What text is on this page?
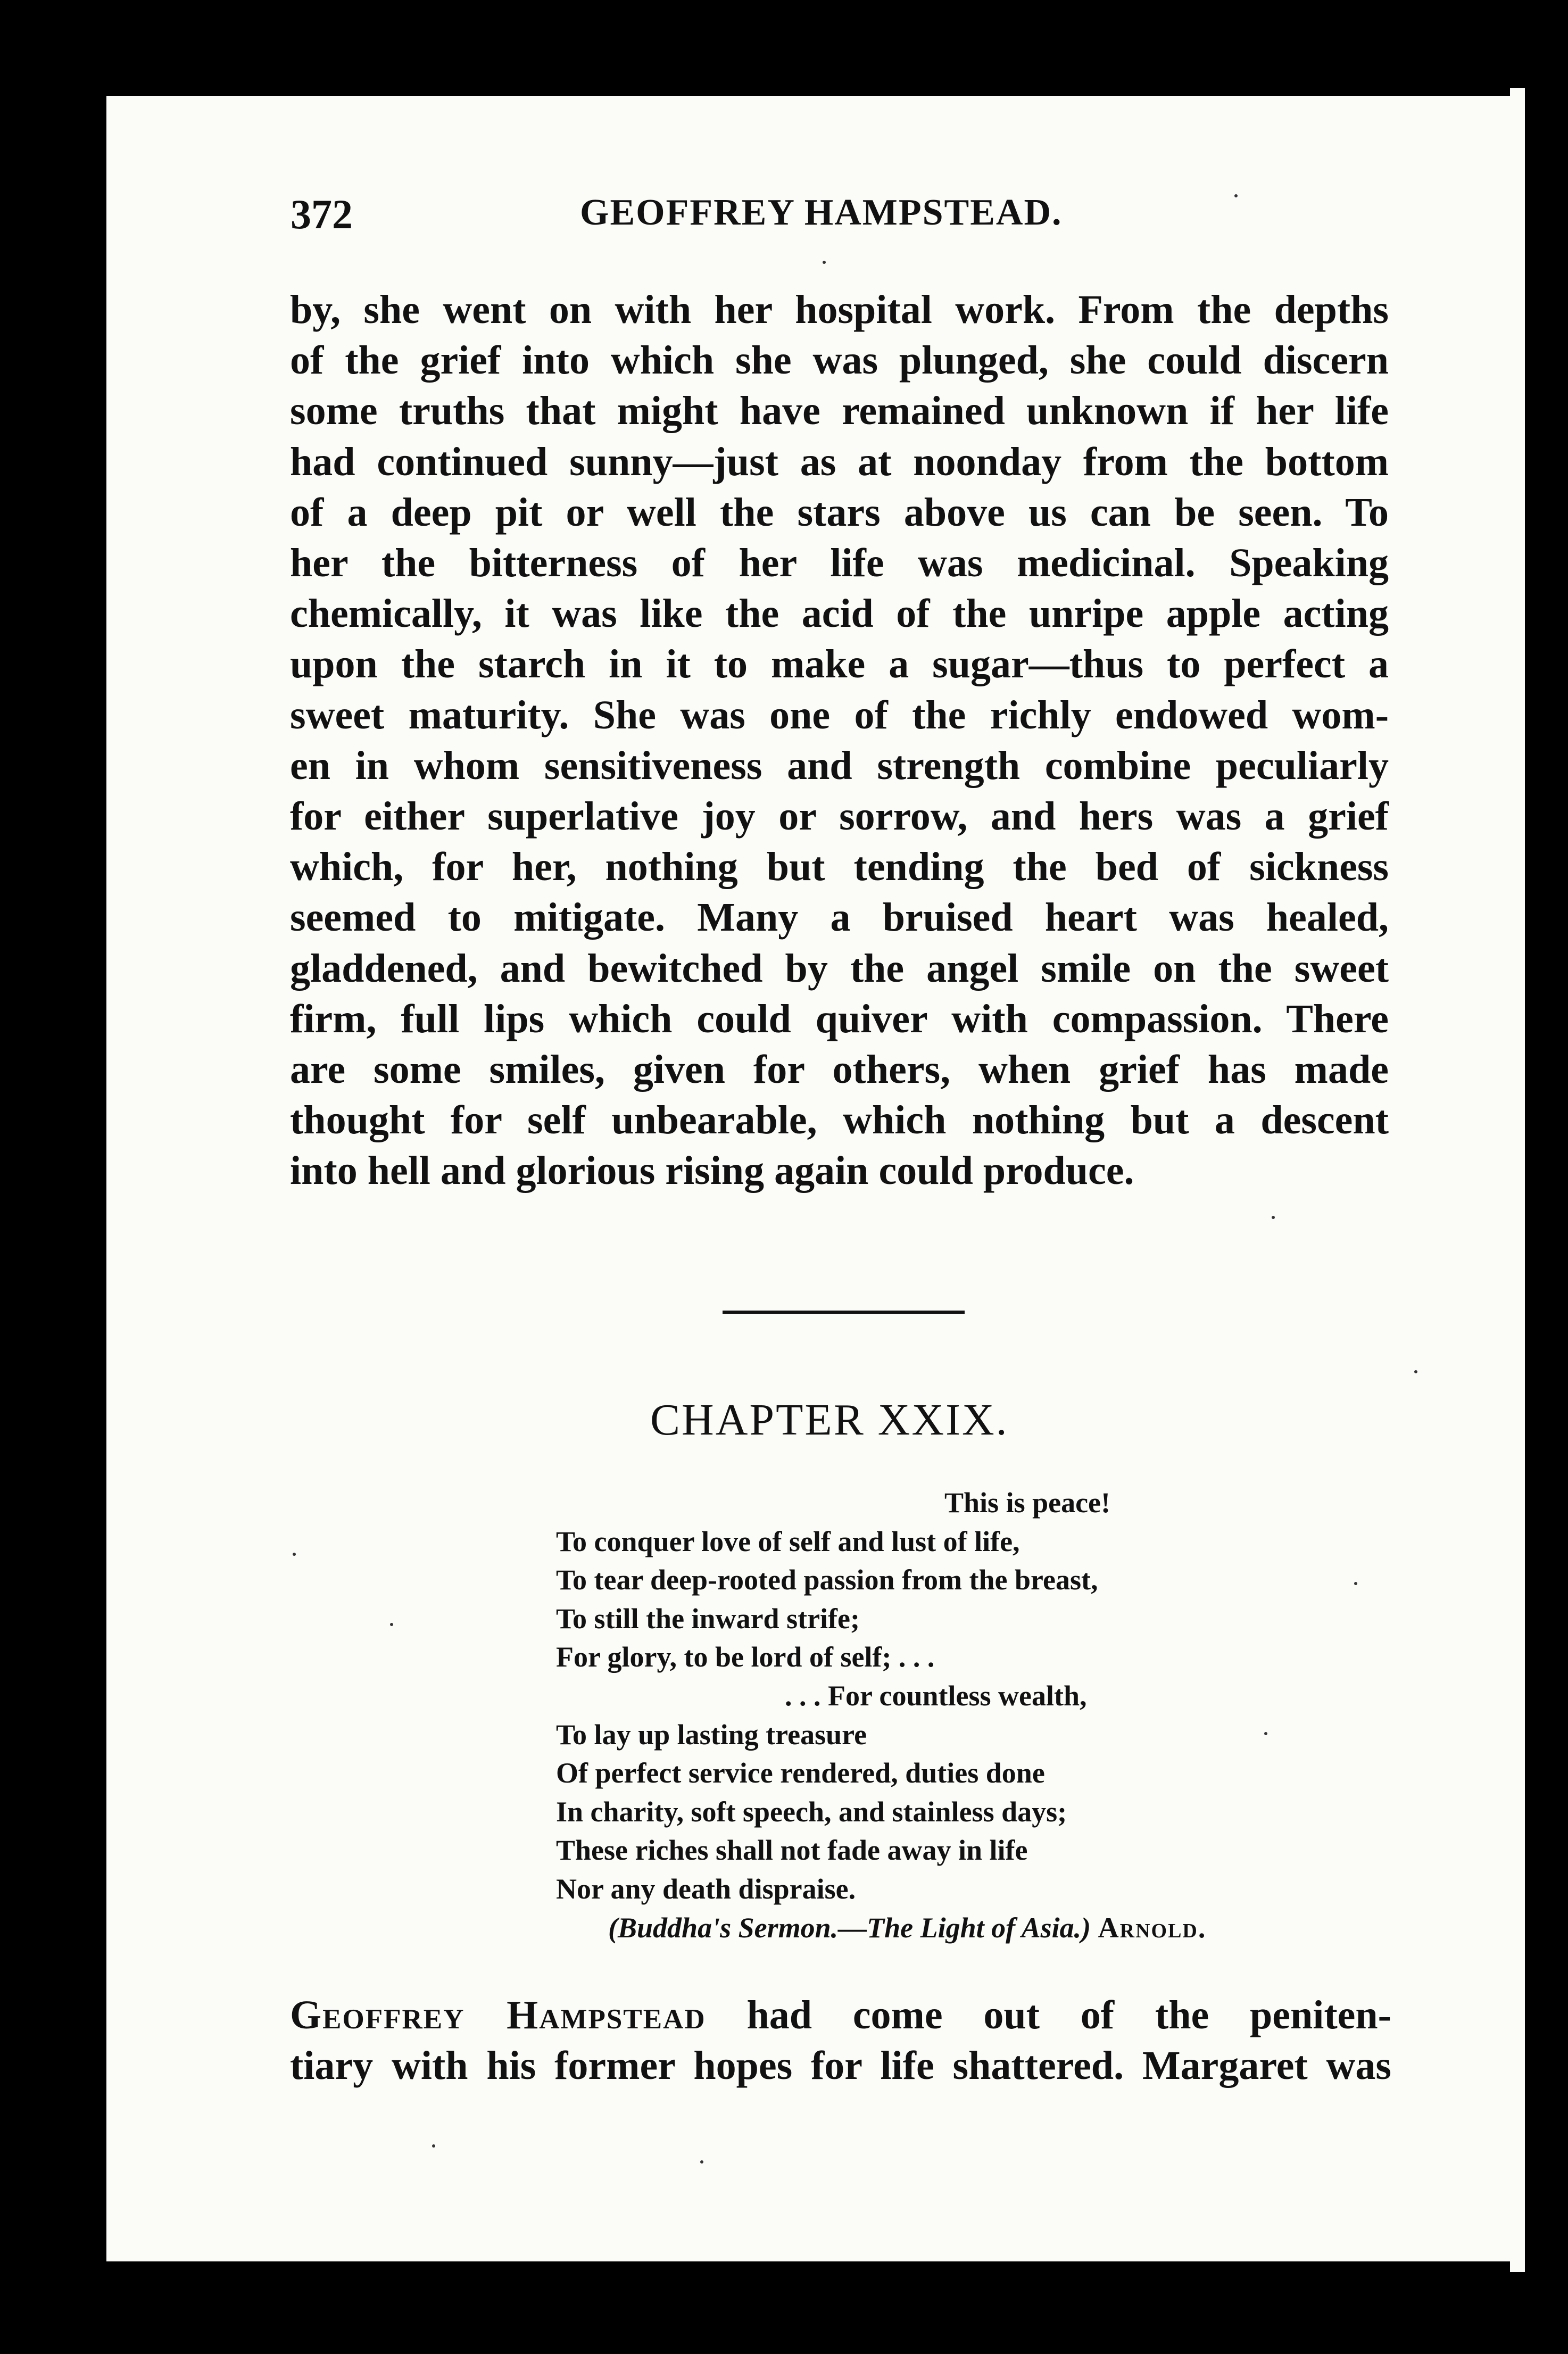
372	GEOFFREY HAMPSTEAD.
by, she went on with her hospital work. From the depths
of the grief into which she was plunged, she could discern
some truths that might have remained unknown if her life
had continued sunny—just as at noonday from the bottom
of a deep pit or well the stars above us can be seen. To
her the bitterness of her life was medicinal. Speaking
chemically, it was like the acid of the unripe apple acting
upon the starch in it to make a sugar—thus to perfect a
sweet maturity. She was one of the richly endowed wom-
en in whom sensitiveness and strength combine peculiarly
for either superlative joy or sorrow, and hers was a grief
which, for her, nothing but tending the bed of sickness
seemed to mitigate. Many a bruised heart was healed,
gladdened, and bewitched by the angel smile on the sweet
firm, full lips which could quiver with compassion. There
are some smiles, given for others, when grief has made
thought for self unbearable, which nothing but a descent
into hell and glorious rising again could produce.
CHAPTER XXIX.
This is peace!
To conquer love of self and lust of life,
To tear deep-rooted passion from the breast,
To still the inward strife;
For glory, to be lord of self; . . .
. . . For countless wealth,
To lay up lasting treasure
Of perfect service rendered, duties done
In charity, soft speech, and stainless days;
These riches shall not fade away in life
Nor any death dispraise.
(Buddha's Sermon.—The Light of Asia.) Arnold.
Geoffrey Hampstead had come out of the peniten-
tiary with his former hopes for life shattered. Margaret was
